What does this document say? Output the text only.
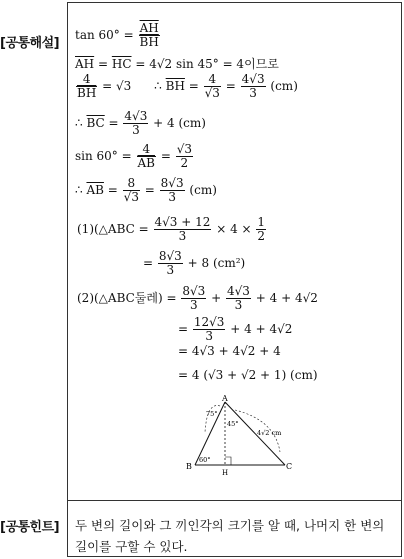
[공통해설]
[공통힌트]
$\tan 60^\circ = \frac{\overline{AH}}{BH}$
$\overline{AH} = \overline{HC} = 4√2$ sin 45° = 4이므로
$\frac{4}{BH} = √3$ ∴ $\overline{BH} = \frac{4}{√3} = \frac{4√3}{3} (cm)$
∴ $\overline{BC} = \frac{4√3}{3} + 4$ (cm)
$\sin 60^\circ = \frac{4}{AB} = \frac{√3}{2}$
∴ $\overline{AB} = \frac{8}{√3} = \frac{8√3}{3} (cm)$
(1)(△ABC = $\frac{4√3 + 12}{3} \times 4 \times \frac{1}{2}$
= $\frac{8√3}{3} + 8$ (cm²)
(2)(△ABC둘레) = $\frac{8√3}{3} + \frac{4√3}{3} + 4 + 4√2$
= $\frac{12√3}{3} + 4 + 4√2$
= 4√3 + 4√2 + 4
= 4 (√3 + √2 + 1) (cm)
A
B	C
H
75°
60°
45°
4√2 cm
두 변의 길이와 그 끼인각의 크기를 알 때, 나머지 한 변의 길이를 구할 수 있다.
